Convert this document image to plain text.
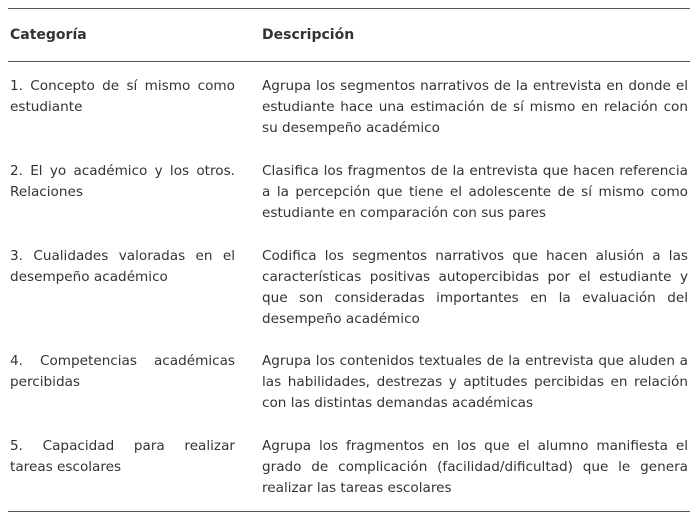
Categoría	Descripción
1. Concepto de sí mismo como estudiante
Agrupa los segmentos narrativos de la entrevista en donde el estudiante hace una estimación de sí mismo en relación con su desempeño académico
2. El yo académico y los otros. Relaciones
Clasifica los fragmentos de la entrevista que hacen referencia a la percepción que tiene el adolescente de sí mismo como estudiante en comparación con sus pares
3. Cualidades valoradas en el desempeño académico
Codifica los segmentos narrativos que hacen alusión a las características positivas autopercibidas por el estudiante y que son consideradas importantes en la evaluación del desempeño académico
4. Competencias académicas percibidas
Agrupa los contenidos textuales de la entrevista que aluden a las habilidades, destrezas y aptitudes percibidas en relación con las distintas demandas académicas
5. Capacidad para realizar tareas escolares
Agrupa los fragmentos en los que el alumno manifiesta el grado de complicación (facilidad/dificultad) que le genera realizar las tareas escolares
